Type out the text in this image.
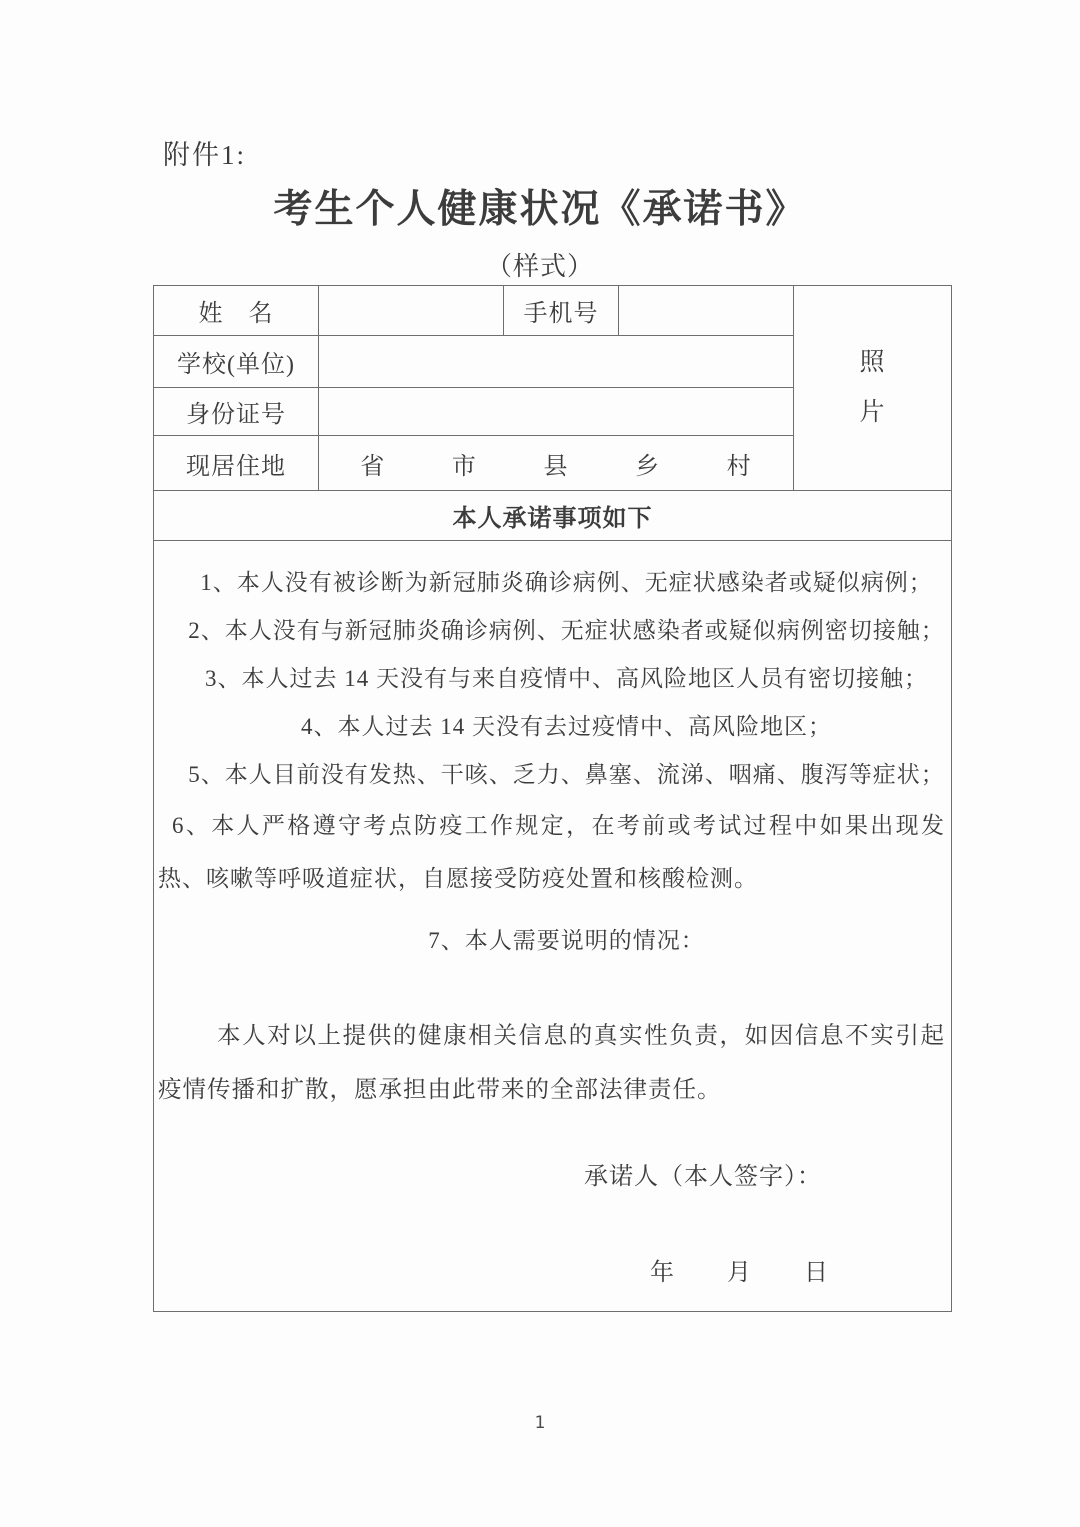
附件1:
考生个人健康状况《承诺书》
（样式）
姓　名		手机号		照
片

学校(单位)				
身份证号				
现居住地	省 市 县 乡 村			

本人承诺事项如下				

1、本人没有被诊断为新冠肺炎确诊病例、无症状感染者或疑似病例；

2、本人没有与新冠肺炎确诊病例、无症状感染者或疑似病例密切接触；

3、本人过去 14 天没有与来自疫情中、高风险地区人员有密切接触；

4、本人过去 14 天没有去过疫情中、高风险地区；

5、本人目前没有发热、干咳、乏力、鼻塞、流涕、咽痛、腹泻等症状；

6、本人严格遵守考点防疫工作规定，在考前或考试过程中如果出现发 热、咳嗽等呼吸道症状，自愿接受防疫处置和核酸检测。

7、本人需要说明的情况：

本人对以上提供的健康相关信息的真实性负责，如因信息不实引起疫情传播和扩散，愿承担由此带来的全部法律责任。

承诺人（本人签字）：
年 月 日
1
